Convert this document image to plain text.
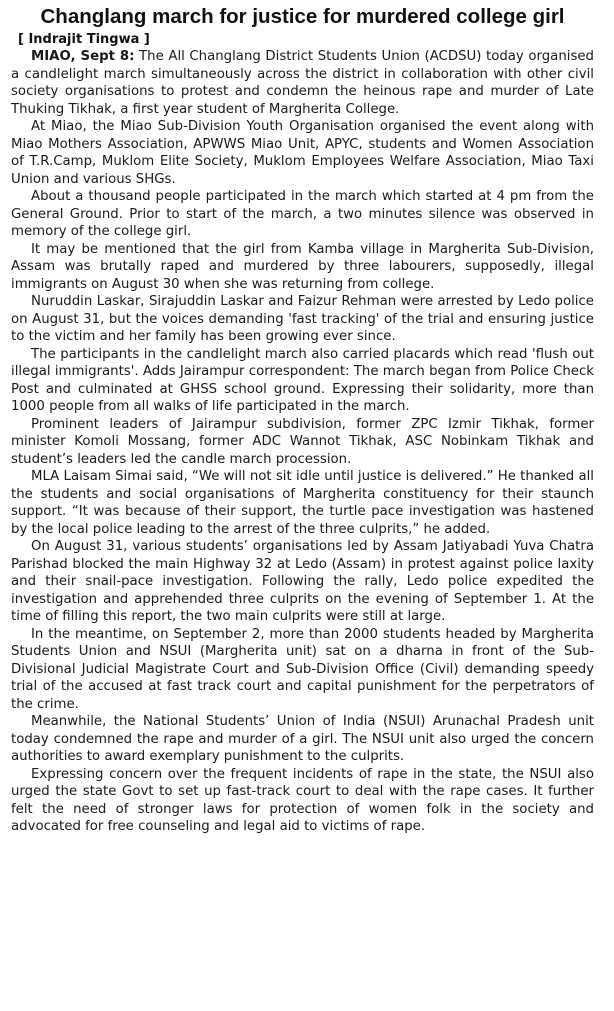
Changlang march for justice for murdered college girl
[ Indrajit Tingwa ]

MIAO, Sept 8: The All Changlang District Students Union (ACDSU) today organised a candlelight march simultaneously across the district in collaboration with other civil society organisations to protest and condemn the heinous rape and murder of Late Thuking Tikhak, a first year student of Margherita College.

At Miao, the Miao Sub-Division Youth Organisation organised the event along with Miao Mothers Association, APWWS Miao Unit, APYC, students and Women Association of T.R.Camp, Muklom Elite Society, Muklom Employees Welfare Association, Miao Taxi Union and various SHGs.

About a thousand people participated in the march which started at 4 pm from the General Ground. Prior to start of the march, a two minutes silence was observed in memory of the college girl.

It may be mentioned that the girl from Kamba village in Margherita Sub-Division, Assam was brutally raped and murdered by three labourers, supposedly, illegal immigrants on August 30 when she was returning from college.

Nuruddin Laskar, Sirajuddin Laskar and Faizur Rehman were arrested by Ledo police on August 31, but the voices demanding 'fast tracking' of the trial and ensuring justice to the victim and her family has been growing ever since.

The participants in the candlelight march also carried placards which read 'flush out illegal immigrants'. Adds Jairampur correspondent: The march began from Police Check Post and culminated at GHSS school ground. Expressing their solidarity, more than 1000 people from all walks of life participated in the march.

Prominent leaders of Jairampur subdivision, former ZPC Izmir Tikhak, former minister Komoli Mossang, former ADC Wannot Tikhak, ASC Nobinkam Tikhak and student’s leaders led the candle march procession.

MLA Laisam Simai said, “We will not sit idle until justice is delivered.” He thanked all the students and social organisations of Margherita constituency for their staunch support. “It was because of their support, the turtle pace investigation was hastened by the local police leading to the arrest of the three culprits,” he added.

On August 31, various students’ organisations led by Assam Jatiyabadi Yuva Chatra Parishad blocked the main Highway 32 at Ledo (Assam) in protest against police laxity and their snail-pace investigation. Following the rally, Ledo police expedited the investigation and apprehended three culprits on the evening of September 1. At the time of filling this report, the two main culprits were still at large.

In the meantime, on September 2, more than 2000 students headed by Margherita Students Union and NSUI (Margherita unit) sat on a dharna in front of the Sub-Divisional Judicial Magistrate Court and Sub-Division Office (Civil) demanding speedy trial of the accused at fast track court and capital punishment for the perpetrators of the crime.

Meanwhile, the National Students’ Union of India (NSUI) Arunachal Pradesh unit today condemned the rape and murder of a girl. The NSUI unit also urged the concern authorities to award exemplary punishment to the culprits.

Expressing concern over the frequent incidents of rape in the state, the NSUI also urged the state Govt to set up fast-track court to deal with the rape cases. It further felt the need of stronger laws for protection of women folk in the society and advocated for free counseling and legal aid to victims of rape.
